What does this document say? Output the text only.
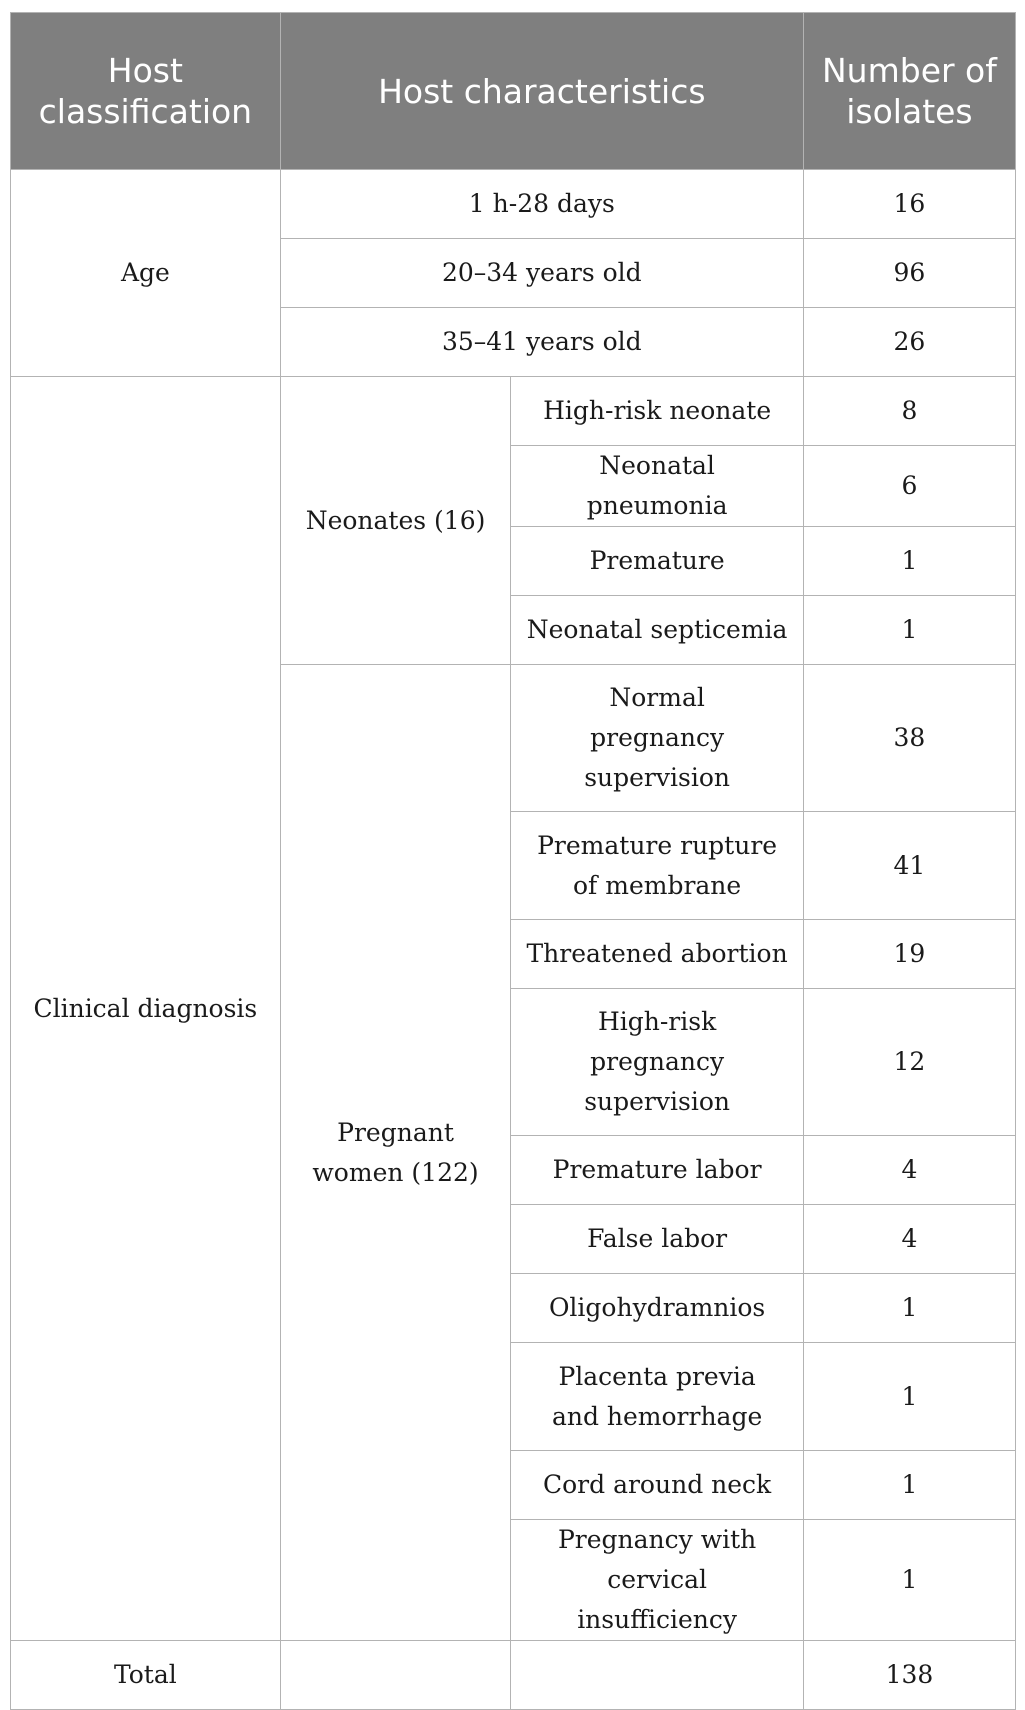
Host classification	Host characteristics		Number of isolates
Age	1 h-28 days		16
	20–34 years old		96
	35–41 years old		26
Clinical diagnosis	Neonates (16)	High-risk neonate	8
		Neonatal pneumonia	6
		Premature	1
		Neonatal septicemia	1
	Pregnant women (122)	Normal pregnancy supervision	38
		Premature rupture of membrane	41
		Threatened abortion	19
		High-risk pregnancy supervision	12
		Premature labor	4
		False labor	4
		Oligohydramnios	1
		Placenta previa and hemorrhage	1
		Cord around neck	1
		Pregnancy with cervical insufficiency	1
Total			138
